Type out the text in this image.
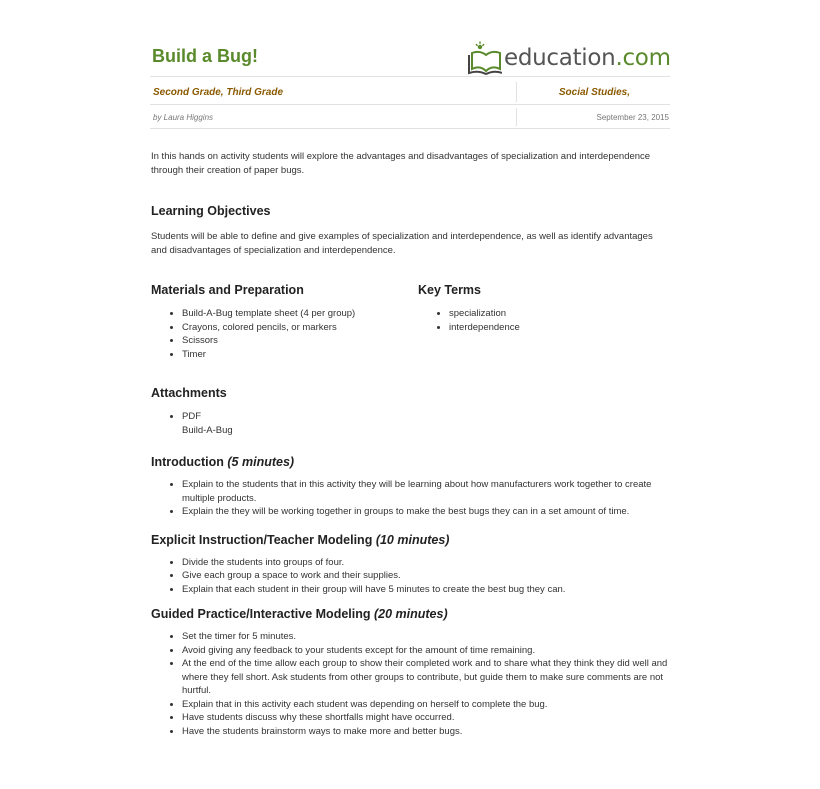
Build a Bug!	education.com
Second Grade, Third Grade	Social Studies,
by Laura Higgins	September 23, 2015

In this hands on activity students will explore the advantages and disadvantages of specialization and interdependence through their creation of paper bugs.

Learning Objectives

Students will be able to define and give examples of specialization and interdependence, as well as identify advantages and disadvantages of specialization and interdependence.

Materials and Preparation
• Build-A-Bug template sheet (4 per group)
• Crayons, colored pencils, or markers
• Scissors
• Timer
Key Terms
• specialization
• interdependence
Attachments
• PDF
Build-A-Bug
Introduction (5 minutes)
• Explain to the students that in this activity they will be learning about how manufacturers work together to create multiple products.
• Explain the they will be working together in groups to make the best bugs they can in a set amount of time.
Explicit Instruction/Teacher Modeling (10 minutes)
• Divide the students into groups of four.
• Give each group a space to work and their supplies.
• Explain that each student in their group will have 5 minutes to create the best bug they can.
Guided Practice/Interactive Modeling (20 minutes)
• Set the timer for 5 minutes.
• Avoid giving any feedback to your students except for the amount of time remaining.
• At the end of the time allow each group to show their completed work and to share what they think they did well and where they fell short. Ask students from other groups to contribute, but guide them to make sure comments are not hurtful.
• Explain that in this activity each student was depending on herself to complete the bug.
• Have students discuss why these shortfalls might have occurred.
• Have the students brainstorm ways to make more and better bugs.
